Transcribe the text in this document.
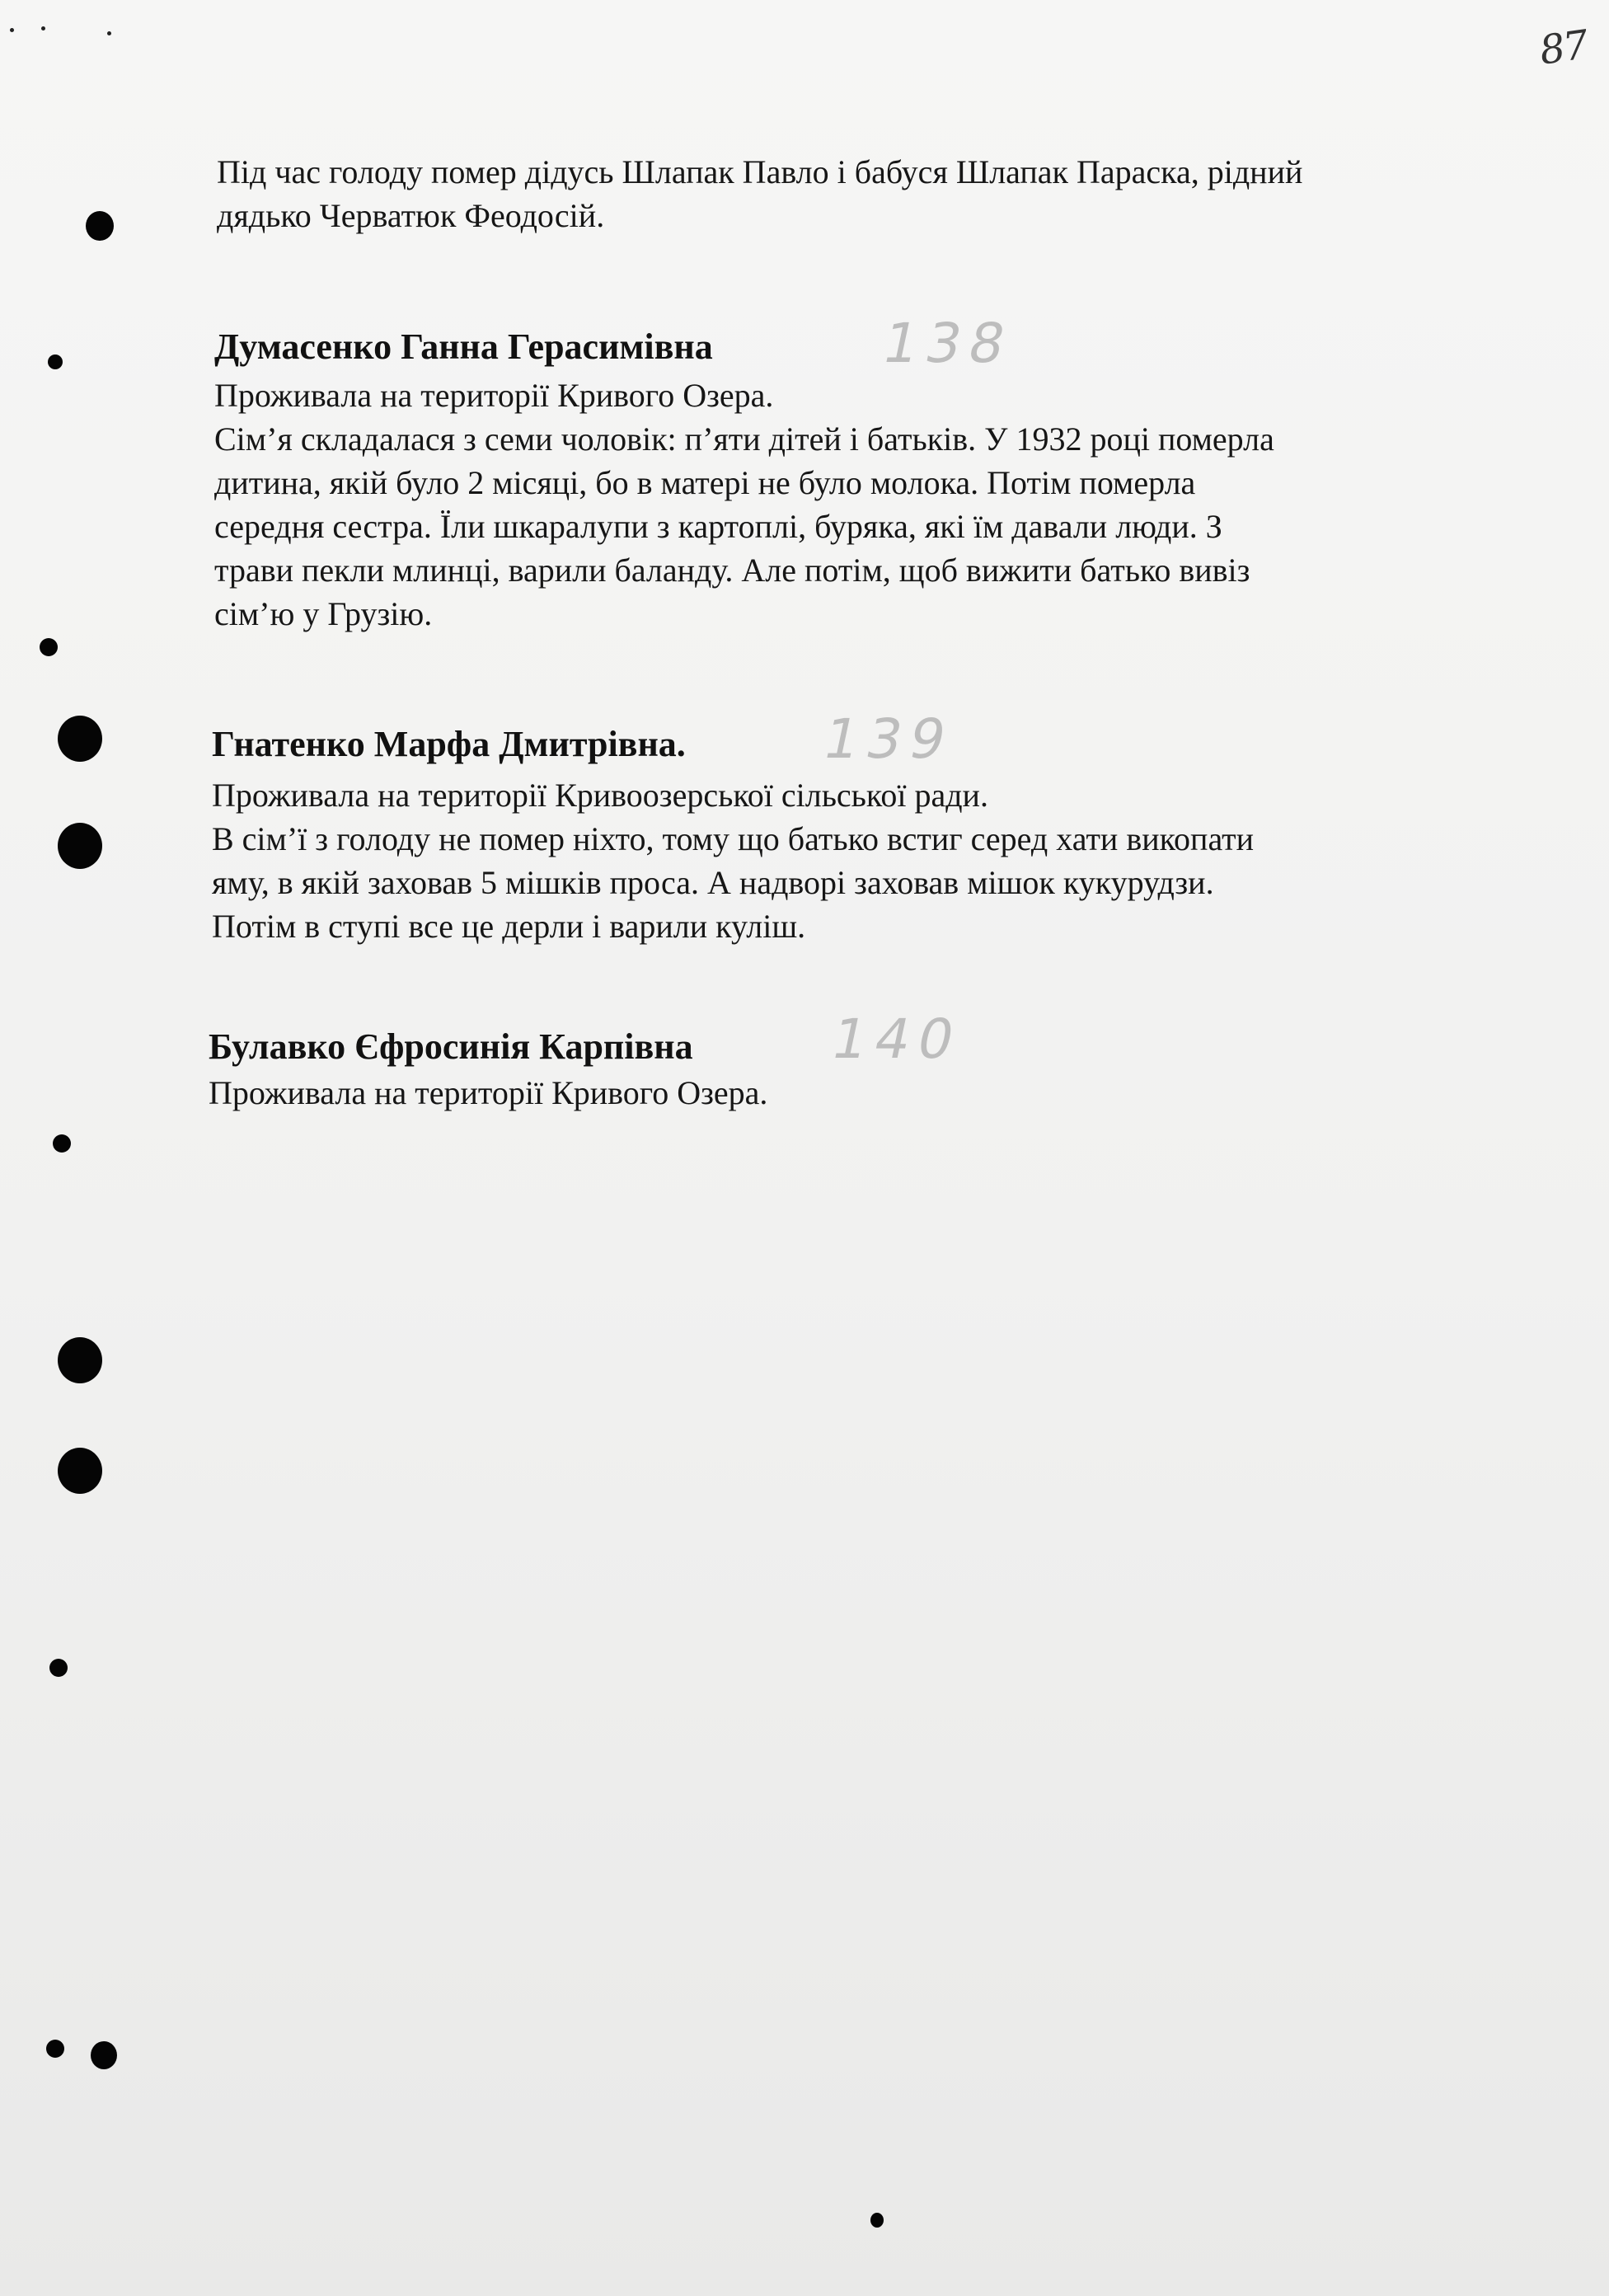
87
Під час голоду помер дідусь Шлапак Павло і бабуся Шлапак Параска, рідний
дядько Черватюк Феодосій.
Думасенко Ганна Герасимівна	138
Проживала на території Кривого Озера.
Сім’я складалася з семи чоловік: п’яти дітей і батьків. У 1932 році померла
дитина, якій було 2 місяці, бо в матері не було молока. Потім померла
середня сестра. Їли шкаралупи з картоплі, буряка, які їм давали люди. З
трави пекли млинці, варили баланду. Але потім, щоб вижити батько вивіз
сім’ю у Грузію.
Гнатенко Марфа Дмитрівна. 139
Проживала на території Кривоозерської сільської ради.
В сім’ї з голоду не помер ніхто, тому що батько встиг серед хати викопати
яму, в якій заховав 5 мішків проса. А надворі заховав мішок кукурудзи.
Потім в ступі все це дерли і варили куліш.
Булавко Єфросинія Карпівна 140
Проживала на території Кривого Озера.
